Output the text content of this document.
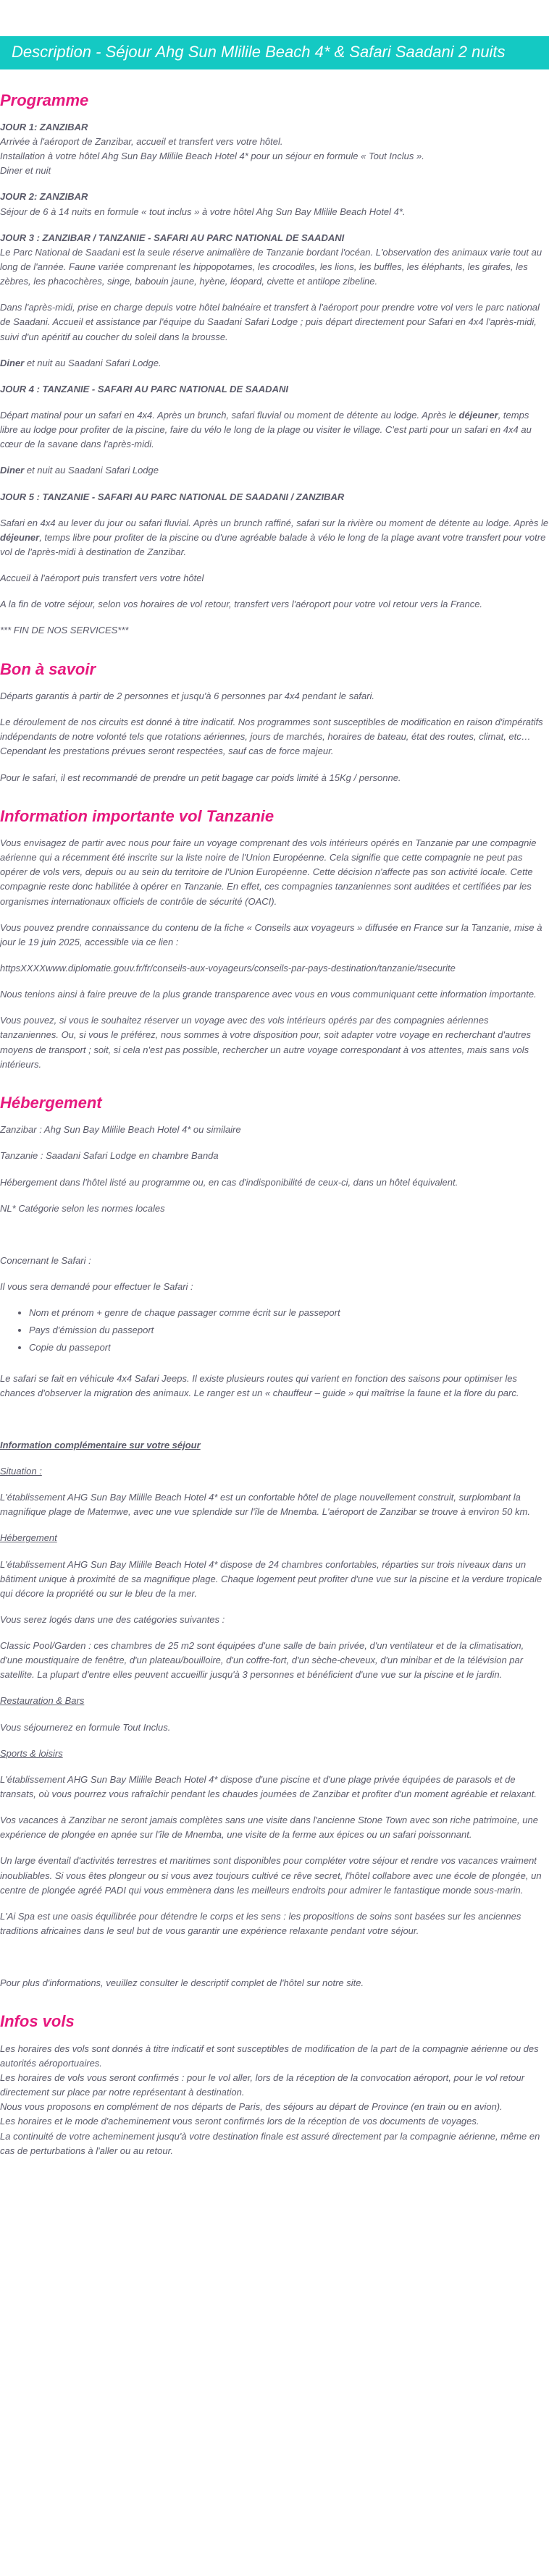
Description - Séjour Ahg Sun Mlilile Beach 4* & Safari Saadani 2 nuits
Programme
JOUR 1: ZANZIBAR
Arrivée à l'aéroport de Zanzibar, accueil et transfert vers votre hôtel.
Installation à votre hôtel Ahg Sun Bay Mlilile Beach Hotel 4* pour un séjour en formule « Tout Inclus ».
Diner et nuit
JOUR 2: ZANZIBAR
Séjour de 6 à 14 nuits en formule « tout inclus » à votre hôtel Ahg Sun Bay Mlilile Beach Hotel 4*.
JOUR 3 : ZANZIBAR / TANZANIE - SAFARI AU PARC NATIONAL DE SAADANI
Le Parc National de Saadani est la seule réserve animalière de Tanzanie bordant l'océan. L'observation des animaux varie tout au long de l'année. Faune variée comprenant les hippopotames, les crocodiles, les lions, les buffles, les éléphants, les girafes, les zèbres, les phacochères, singe, babouin jaune, hyène, léopard, civette et antilope zibeline.

Dans l'après-midi, prise en charge depuis votre hôtel balnéaire et transfert à l'aéroport pour prendre votre vol vers le parc national de Saadani. Accueil et assistance par l'équipe du Saadani Safari Lodge ; puis départ directement pour Safari en 4x4 l'après-midi, suivi d'un apéritif au coucher du soleil dans la brousse.

Diner et nuit au Saadani Safari Lodge.

JOUR 4 : TANZANIE - SAFARI AU PARC NATIONAL DE SAADANI

Départ matinal pour un safari en 4x4. Après un brunch, safari fluvial ou moment de détente au lodge. Après le déjeuner, temps libre au lodge pour profiter de la piscine, faire du vélo le long de la plage ou visiter le village. C'est parti pour un safari en 4x4 au cœur de la savane dans l'après-midi.

Diner et nuit au Saadani Safari Lodge

JOUR 5 : TANZANIE - SAFARI AU PARC NATIONAL DE SAADANI / ZANZIBAR

Safari en 4x4 au lever du jour ou safari fluvial. Après un brunch raffiné, safari sur la rivière ou moment de détente au lodge. Après le déjeuner, temps libre pour profiter de la piscine ou d'une agréable balade à vélo le long de la plage avant votre transfert pour votre vol de l'après-midi à destination de Zanzibar.

Accueil à l'aéroport puis transfert vers votre hôtel

A la fin de votre séjour, selon vos horaires de vol retour, transfert vers l'aéroport pour votre vol retour vers la France.

*** FIN DE NOS SERVICES***

Bon à savoir

Départs garantis à partir de 2 personnes et jusqu'à 6 personnes par 4x4 pendant le safari.

Le déroulement de nos circuits est donné à titre indicatif. Nos programmes sont susceptibles de modification en raison d'impératifs indépendants de notre volonté tels que rotations aériennes, jours de marchés, horaires de bateau, état des routes, climat, etc… Cependant les prestations prévues seront respectées, sauf cas de force majeur.

Pour le safari, il est recommandé de prendre un petit bagage car poids limité à 15Kg / personne.

Information importante vol Tanzanie

Vous envisagez de partir avec nous pour faire un voyage comprenant des vols intérieurs opérés en Tanzanie par une compagnie aérienne qui a récemment été inscrite sur la liste noire de l'Union Européenne. Cela signifie que cette compagnie ne peut pas opérer de vols vers, depuis ou au sein du territoire de l'Union Européenne. Cette décision n'affecte pas son activité locale. Cette compagnie reste donc habilitée à opérer en Tanzanie. En effet, ces compagnies tanzaniennes sont auditées et certifiées par les organismes internationaux officiels de contrôle de sécurité (OACI).

Vous pouvez prendre connaissance du contenu de la fiche « Conseils aux voyageurs » diffusée en France sur la Tanzanie, mise à jour le 19 juin 2025, accessible via ce lien :

httpsXXXXwww.diplomatie.gouv.fr/fr/conseils-aux-voyageurs/conseils-par-pays-destination/tanzanie/#securite

Nous tenions ainsi à faire preuve de la plus grande transparence avec vous en vous communiquant cette information importante.

Vous pouvez, si vous le souhaitez réserver un voyage avec des vols intérieurs opérés par des compagnies aériennes tanzaniennes. Ou, si vous le préférez, nous sommes à votre disposition pour, soit adapter votre voyage en recherchant d'autres moyens de transport ; soit, si cela n'est pas possible, rechercher un autre voyage correspondant à vos attentes, mais sans vols intérieurs.

Hébergement

Zanzibar : Ahg Sun Bay Mlilile Beach Hotel 4* ou similaire

Tanzanie : Saadani Safari Lodge en chambre Banda

Hébergement dans l'hôtel listé au programme ou, en cas d'indisponibilité de ceux-ci, dans un hôtel équivalent.

NL* Catégorie selon les normes locales

Concernant le Safari :

Il vous sera demandé pour effectuer le Safari :

• Nom et prénom + genre de chaque passager comme écrit sur le passeport
• Pays d'émission du passeport
• Copie du passeport

Le safari se fait en véhicule 4x4 Safari Jeeps. Il existe plusieurs routes qui varient en fonction des saisons pour optimiser les chances d'observer la migration des animaux. Le ranger est un « chauffeur – guide » qui maîtrise la faune et la flore du parc.

Information complémentaire sur votre séjour

Situation :

L'établissement AHG Sun Bay Mlilile Beach Hotel 4* est un confortable hôtel de plage nouvellement construit, surplombant la magnifique plage de Matemwe, avec une vue splendide sur l'île de Mnemba. L'aéroport de Zanzibar se trouve à environ 50 km.

Hébergement

L'établissement AHG Sun Bay Mlilile Beach Hotel 4* dispose de 24 chambres confortables, réparties sur trois niveaux dans un bâtiment unique à proximité de sa magnifique plage. Chaque logement peut profiter d'une vue sur la piscine et la verdure tropicale qui décore la propriété ou sur le bleu de la mer.

Vous serez logés dans une des catégories suivantes :

Classic Pool/Garden : ces chambres de 25 m2 sont équipées d'une salle de bain privée, d'un ventilateur et de la climatisation, d'une moustiquaire de fenêtre, d'un plateau/bouilloire, d'un coffre-fort, d'un sèche-cheveux, d'un minibar et de la télévision par satellite. La plupart d'entre elles peuvent accueillir jusqu'à 3 personnes et bénéficient d'une vue sur la piscine et le jardin.

Restauration & Bars

Vous séjournerez en formule Tout Inclus.

Sports & loisirs

L'établissement AHG Sun Bay Mlilile Beach Hotel 4* dispose d'une piscine et d'une plage privée équipées de parasols et de transats, où vous pourrez vous rafraîchir pendant les chaudes journées de Zanzibar et profiter d'un moment agréable et relaxant.

Vos vacances à Zanzibar ne seront jamais complètes sans une visite dans l'ancienne Stone Town avec son riche patrimoine, une expérience de plongée en apnée sur l'île de Mnemba, une visite de la ferme aux épices ou un safari poissonnant.

Un large éventail d'activités terrestres et maritimes sont disponibles pour compléter votre séjour et rendre vos vacances vraiment inoubliables. Si vous êtes plongeur ou si vous avez toujours cultivé ce rêve secret, l'hôtel collabore avec une école de plongée, un centre de plongée agréé PADI qui vous emmènera dans les meilleurs endroits pour admirer le fantastique monde sous-marin.

L'Ai Spa est une oasis équilibrée pour détendre le corps et les sens : les propositions de soins sont basées sur les anciennes traditions africaines dans le seul but de vous garantir une expérience relaxante pendant votre séjour.

Pour plus d'informations, veuillez consulter le descriptif complet de l'hôtel sur notre site.

Infos vols
Les horaires des vols sont donnés à titre indicatif et sont susceptibles de modification de la part de la compagnie aérienne ou des autorités aéroportuaires.
Les horaires de vols vous seront confirmés : pour le vol aller, lors de la réception de la convocation aéroport, pour le vol retour directement sur place par notre représentant à destination.
Nous vous proposons en complément de nos départs de Paris, des séjours au départ de Province (en train ou en avion).
Les horaires et le mode d'acheminement vous seront confirmés lors de la réception de vos documents de voyages.
La continuité de votre acheminement jusqu'à votre destination finale est assuré directement par la compagnie aérienne, même en cas de perturbations à l'aller ou au retour.
